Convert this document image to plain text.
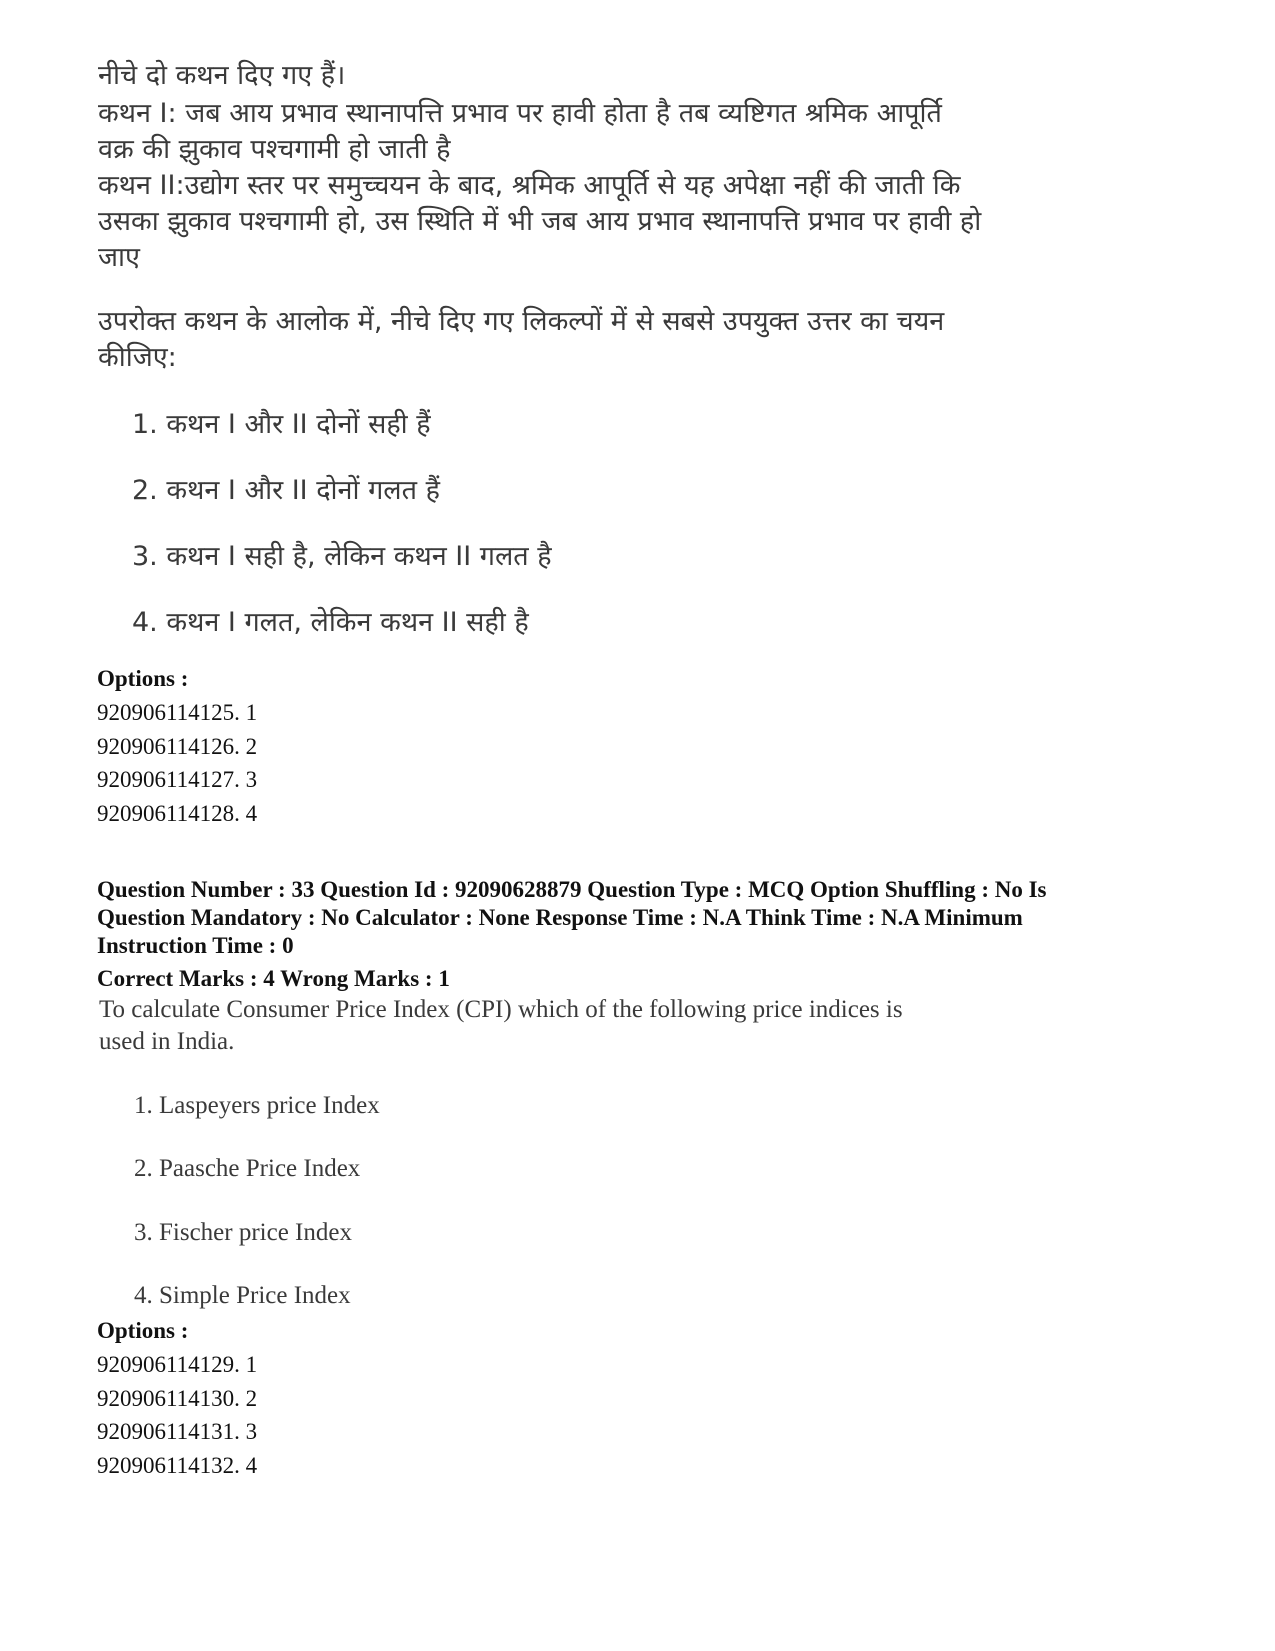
नीचे दो कथन दिए गए हैं।
कथन I: जब आय प्रभाव स्थानापत्ति प्रभाव पर हावी होता है तब व्यष्टिगत श्रमिक आपूर्ति
वक्र की झुकाव पश्चगामी हो जाती है
कथन II:उद्योग स्तर पर समुच्चयन के बाद, श्रमिक आपूर्ति से यह अपेक्षा नहीं की जाती कि
उसका झुकाव पश्चगामी हो, उस स्थिति में भी जब आय प्रभाव स्थानापत्ति प्रभाव पर हावी हो
जाए
उपरोक्त कथन के आलोक में, नीचे दिए गए लिकल्पों में से सबसे उपयुक्त उत्तर का चयन
कीजिए:
1. कथन I और II दोनों सही हैं
2. कथन I और II दोनों गलत हैं
3. कथन I सही है, लेकिन कथन II गलत है
4. कथन I गलत, लेकिन कथन II सही है
Options :
920906114125. 1
920906114126. 2
920906114127. 3
920906114128. 4
Question Number : 33 Question Id : 92090628879 Question Type : MCQ Option Shuffling : No Is
Question Mandatory : No Calculator : None Response Time : N.A Think Time : N.A Minimum
Instruction Time : 0
Correct Marks : 4 Wrong Marks : 1
To calculate Consumer Price Index (CPI) which of the following price indices is
used in India.
1. Laspeyers price Index
2. Paasche Price Index
3. Fischer price Index
4. Simple Price Index
Options :
920906114129. 1
920906114130. 2
920906114131. 3
920906114132. 4
